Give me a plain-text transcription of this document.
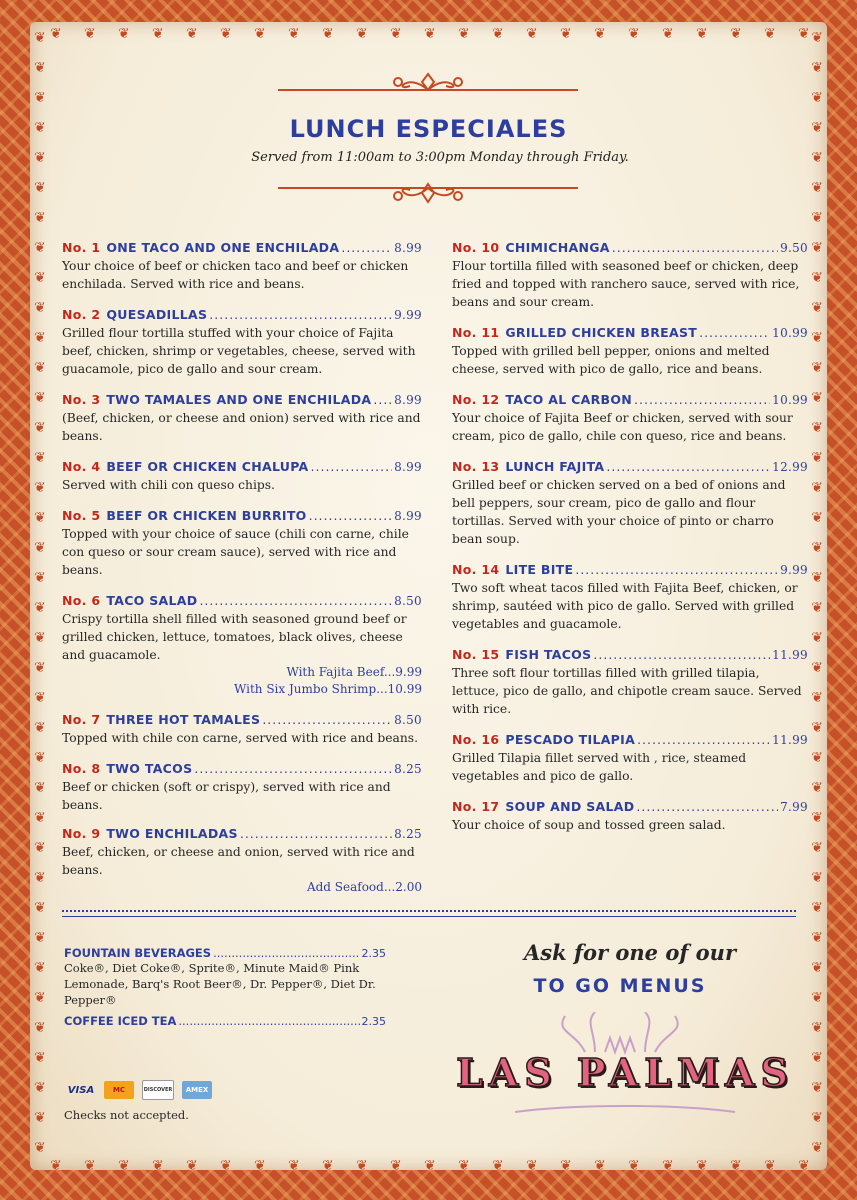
❦	❦
❦	❦
❦	❦
❦	❦
❦	❦
❦	❦
❦	❦
❦	❦
❦	❦
❦	❦
❦	❦
❦	❦
❦	❦
❦	❦
❦	❦
❦	❦
❦	❦
❦	❦
❦	❦
❦	❦
❦	❦
❦	❦
❦	❦
❦	❦
❦	❦
❦	❦
❦	❦
❦	❦
❦	❦
❦	❦
❦	❦
❦	❦
❦	❦
❦	❦
❦	❦
❦	❦
❦	❦
❦	❦
❦
❦
❦
❦
❦
❦
❦
❦
❦
❦
❦
❦
❦
❦
❦
❦
❦
❦
❦
❦
❦
❦
❦
❦
❦
❦
❦
❦
❦
❦
❦
❦
❦
❦
❦
❦
❦
❦
❦
❦
❦
❦
❦
❦
❦
❦
LUNCH ESPECIALES
Served from 11:00am to 3:00pm Monday through Friday.
No. 1 ONE TACO AND ONE ENCHILADA .....	8.99
Your choice of beef or chicken taco and beef or chicken enchilada. Served with rice and beans.
No. 2 QUESADILLAS .....	9.99
Grilled flour tortilla stuffed with your choice of Fajita beef, chicken, shrimp or vegetables, cheese, served with guacamole, pico de gallo and sour cream.
No. 3 TWO TAMALES AND ONE ENCHILADA ..... 8.99
(Beef, chicken, or cheese and onion) served with rice and beans.
No. 4 BEEF OR CHICKEN CHALUPA .....	8.99
Served with chili con queso chips.
No. 5 BEEF OR CHICKEN BURRITO .....	8.99
Topped with your choice of sauce (chili con carne, chile con queso or sour cream sauce), served with rice and beans.
No. 6 TACO SALAD .....	8.50
Crispy tortilla shell filled with seasoned ground beef or grilled chicken, lettuce, tomatoes, black olives, cheese and guacamole.
With Fajita Beef...9.99
With Six Jumbo Shrimp...10.99
No. 7 THREE HOT TAMALES .....	8.50
Topped with chile con carne, served with rice and beans.
No. 8 TWO TACOS .....	8.25
Beef or chicken (soft or crispy), served with rice and beans.
No. 9 TWO ENCHILADAS .....	8.25
Beef, chicken, or cheese and onion, served with rice and beans.
Add Seafood...2.00
No. 10 CHIMICHANGA .....	9.50
Flour tortilla filled with seasoned beef or chicken, deep fried and topped with ranchero sauce, served with rice, beans and sour cream.
No. 11 GRILLED CHICKEN BREAST .....	10.99
Topped with grilled bell pepper, onions and melted cheese, served with pico de gallo, rice and beans.
No. 12 TACO AL CARBON .....	10.99
Your choice of Fajita Beef or chicken, served with sour cream, pico de gallo, chile con queso, rice and beans.
No. 13 LUNCH FAJITA .....	12.99
Grilled beef or chicken served on a bed of onions and bell peppers, sour cream, pico de gallo and flour tortillas. Served with your choice of pinto or charro bean soup.
No. 14 LITE BITE .....	9.99
Two soft wheat tacos filled with Fajita Beef, chicken, or shrimp, sautéed with pico de gallo. Served with grilled vegetables and guacamole.
No. 15 FISH TACOS .....	11.99
Three soft flour tortillas filled with grilled tilapia, lettuce, pico de gallo, and chipotle cream sauce. Served with rice.
No. 16 PESCADO TILAPIA .....	11.99
Grilled Tilapia fillet served with , rice, steamed vegetables and pico de gallo.
No. 17 SOUP AND SALAD .....	7.99
Your choice of soup and tossed green salad.
FOUNTAIN BEVERAGES .....	2.35
Coke®, Diet Coke®, Sprite®, Minute Maid® Pink Lemonade, Barq's Root Beer®, Dr. Pepper®, Diet Dr. Pepper®
COFFEE ICED TEA .....	2.35
VISA	MC	DISCOVER	AMEX
Checks not accepted.
Ask for one of our
TO GO MENUS
LAS PALMAS
